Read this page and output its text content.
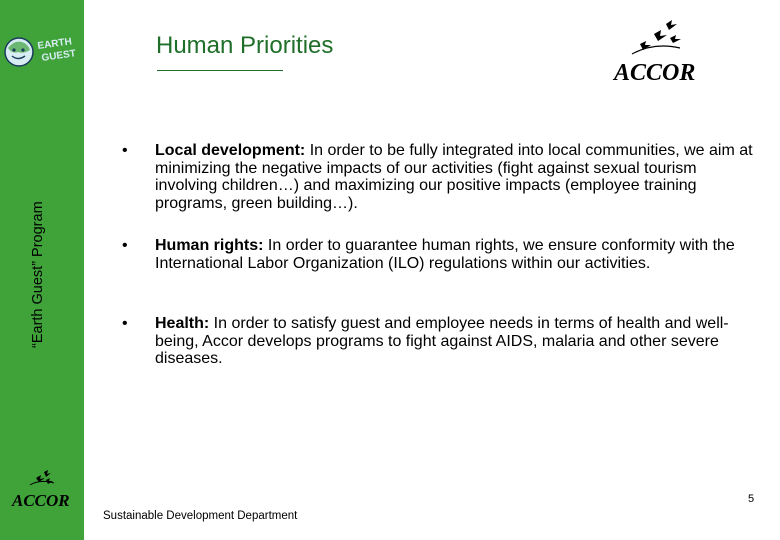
EARTH
GUEST
“Earth Guest” Program
ACCOR
Human Priorities
ACCOR
• Local development: In order to be fully integrated into local communities, we aim at minimizing the negative impacts of our activities (fight against sexual tourism involving children…) and maximizing our positive impacts (employee training programs, green building…).
• Human rights: In order to guarantee human rights, we ensure conformity with the International Labor Organization (ILO) regulations within our activities.
• Health: In order to satisfy guest and employee needs in terms of health and well-being, Accor develops programs to fight against AIDS, malaria and other severe diseases.
5
Sustainable Development Department
